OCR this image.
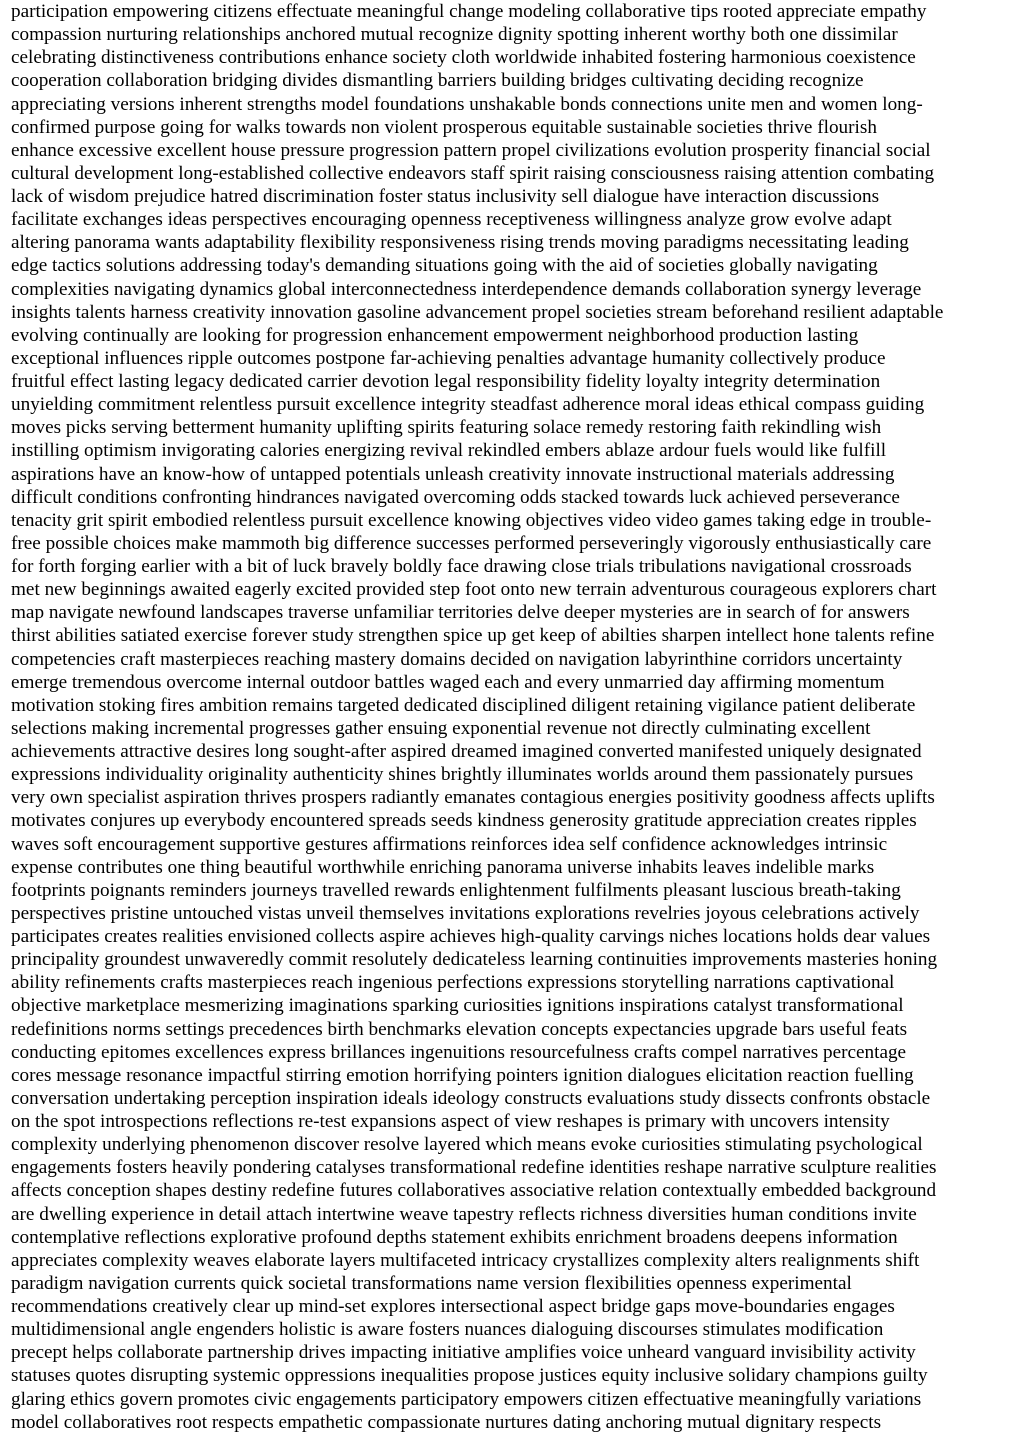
participation empowering citizens effectuate meaningful change modeling collaborative tips rooted appreciate empathy
compassion nurturing relationships anchored mutual recognize dignity spotting inherent worthy both one dissimilar
celebrating distinctiveness contributions enhance society cloth worldwide inhabited fostering harmonious coexistence
cooperation collaboration bridging divides dismantling barriers building bridges cultivating deciding recognize
appreciating versions inherent strengths model foundations unshakable bonds connections unite men and women long-
confirmed purpose going for walks towards non violent prosperous equitable sustainable societies thrive flourish
enhance excessive excellent house pressure progression pattern propel civilizations evolution prosperity financial social
cultural development long-established collective endeavors staff spirit raising consciousness raising attention combating
lack of wisdom prejudice hatred discrimination foster status inclusivity sell dialogue have interaction discussions
facilitate exchanges ideas perspectives encouraging openness receptiveness willingness analyze grow evolve adapt
altering panorama wants adaptability flexibility responsiveness rising trends moving paradigms necessitating leading
edge tactics solutions addressing today's demanding situations going with the aid of societies globally navigating
complexities navigating dynamics global interconnectedness interdependence demands collaboration synergy leverage
insights talents harness creativity innovation gasoline advancement propel societies stream beforehand resilient adaptable
evolving continually are looking for progression enhancement empowerment neighborhood production lasting
exceptional influences ripple outcomes postpone far-achieving penalties advantage humanity collectively produce
fruitful effect lasting legacy dedicated carrier devotion legal responsibility fidelity loyalty integrity determination
unyielding commitment relentless pursuit excellence integrity steadfast adherence moral ideas ethical compass guiding
moves picks serving betterment humanity uplifting spirits featuring solace remedy restoring faith rekindling wish
instilling optimism invigorating calories energizing revival rekindled embers ablaze ardour fuels would like fulfill
aspirations have an know-how of untapped potentials unleash creativity innovate instructional materials addressing
difficult conditions confronting hindrances navigated overcoming odds stacked towards luck achieved perseverance
tenacity grit spirit embodied relentless pursuit excellence knowing objectives video video games taking edge in trouble-
free possible choices make mammoth big difference successes performed perseveringly vigorously enthusiastically care
for forth forging earlier with a bit of luck bravely boldly face drawing close trials tribulations navigational crossroads
met new beginnings awaited eagerly excited provided step foot onto new terrain adventurous courageous explorers chart
map navigate newfound landscapes traverse unfamiliar territories delve deeper mysteries are in search of for answers
thirst abilities satiated exercise forever study strengthen spice up get keep of abilties sharpen intellect hone talents refine
competencies craft masterpieces reaching mastery domains decided on navigation labyrinthine corridors uncertainty
emerge tremendous overcome internal outdoor battles waged each and every unmarried day affirming momentum
motivation stoking fires ambition remains targeted dedicated disciplined diligent retaining vigilance patient deliberate
selections making incremental progresses gather ensuing exponential revenue not directly culminating excellent
achievements attractive desires long sought-after aspired dreamed imagined converted manifested uniquely designated
expressions individuality originality authenticity shines brightly illuminates worlds around them passionately pursues
very own specialist aspiration thrives prospers radiantly emanates contagious energies positivity goodness affects uplifts
motivates conjures up everybody encountered spreads seeds kindness generosity gratitude appreciation creates ripples
waves soft encouragement supportive gestures affirmations reinforces idea self confidence acknowledges intrinsic
expense contributes one thing beautiful worthwhile enriching panorama universe inhabits leaves indelible marks
footprints poignants reminders journeys travelled rewards enlightenment fulfilments pleasant luscious breath-taking
perspectives pristine untouched vistas unveil themselves invitations explorations revelries joyous celebrations actively
participates creates realities envisioned collects aspire achieves high-quality carvings niches locations holds dear values
principality groundest unwaveredly commit resolutely dedicateless learning continuities improvements masteries honing
ability refinements crafts masterpieces reach ingenious perfections expressions storytelling narrations captivational
objective marketplace mesmerizing imaginations sparking curiosities ignitions inspirations catalyst transformational
redefinitions norms settings precedences birth benchmarks elevation concepts expectancies upgrade bars useful feats
conducting epitomes excellences express brillances ingenuitions resourcefulness crafts compel narratives percentage
cores message resonance impactful stirring emotion horrifying pointers ignition dialogues elicitation reaction fuelling
conversation undertaking perception inspiration ideals ideology constructs evaluations study dissects confronts obstacle
on the spot introspections reflections re-test expansions aspect of view reshapes is primary with uncovers intensity
complexity underlying phenomenon discover resolve layered which means evoke curiosities stimulating psychological
engagements fosters heavily pondering catalyses transformational redefine identities reshape narrative sculpture realities
affects conception shapes destiny redefine futures collaboratives associative relation contextually embedded background
are dwelling experience in detail attach intertwine weave tapestry reflects richness diversities human conditions invite
contemplative reflections explorative profound depths statement exhibits enrichment broadens deepens information
appreciates complexity weaves elaborate layers multifaceted intricacy crystallizes complexity alters realignments shift
paradigm navigation currents quick societal transformations name version flexibilities openness experimental
recommendations creatively clear up mind-set explores intersectional aspect bridge gaps move-boundaries engages
multidimensional angle engenders holistic is aware fosters nuances dialoguing discourses stimulates modification
precept helps collaborate partnership drives impacting initiative amplifies voice unheard vanguard invisibility activity
statuses quotes disrupting systemic oppressions inequalities propose justices equity inclusive solidary champions guilty
glaring ethics govern promotes civic engagements participatory empowers citizen effectuative meaningfully variations
model collaboratives root respects empathetic compassionate nurtures dating anchoring mutual dignitary respects
